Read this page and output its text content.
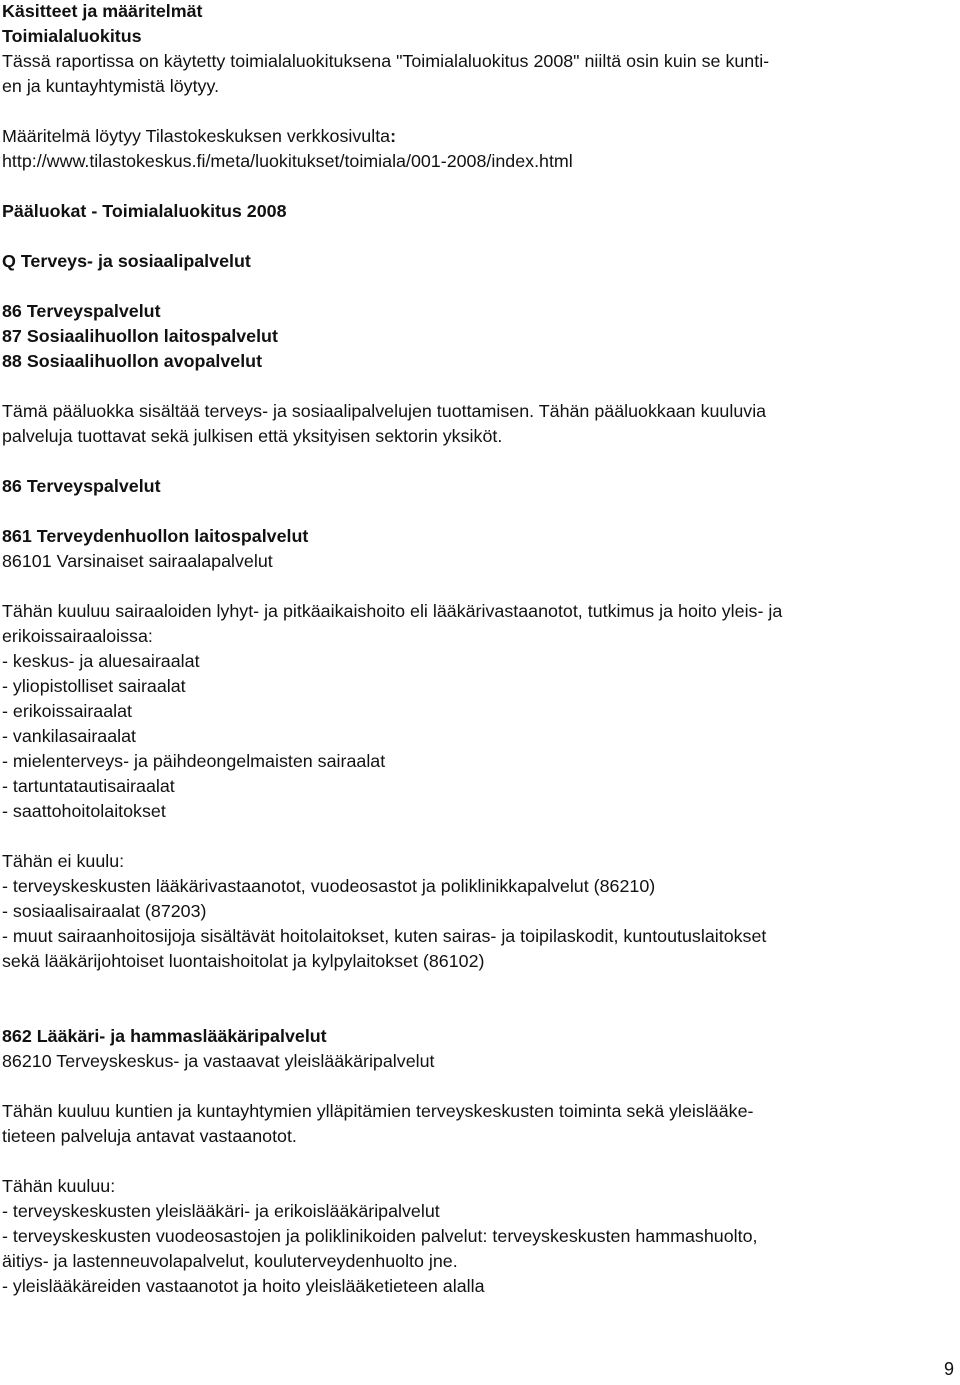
Käsitteet ja määritelmät
Toimialaluokitus
Tässä raportissa on käytetty toimialaluokituksena "Toimialaluokitus 2008" niiltä osin kuin se kunti-
en ja kuntayhtymistä löytyy.
Määritelmä löytyy Tilastokeskuksen verkkosivulta:
http://www.tilastokeskus.fi/meta/luokitukset/toimiala/001-2008/index.html
Pääluokat - Toimialaluokitus 2008
Q Terveys- ja sosiaalipalvelut
86 Terveyspalvelut
87 Sosiaalihuollon laitospalvelut
88 Sosiaalihuollon avopalvelut
Tämä pääluokka sisältää terveys- ja sosiaalipalvelujen tuottamisen. Tähän pääluokkaan kuuluvia
palveluja tuottavat sekä julkisen että yksityisen sektorin yksiköt.
86 Terveyspalvelut
861 Terveydenhuollon laitospalvelut
86101 Varsinaiset sairaalapalvelut
Tähän kuuluu sairaaloiden lyhyt- ja pitkäaikaishoito eli lääkärivastaanotot, tutkimus ja hoito yleis- ja
erikoissairaaloissa:
- keskus- ja aluesairaalat
- yliopistolliset sairaalat
- erikoissairaalat
- vankilasairaalat
- mielenterveys- ja päihdeongelmaisten sairaalat
- tartuntatautisairaalat
- saattohoitolaitokset
Tähän ei kuulu:
- terveyskeskusten lääkärivastaanotot, vuodeosastot ja poliklinikkapalvelut (86210)
- sosiaalisairaalat (87203)
- muut sairaanhoitosijoja sisältävät hoitolaitokset, kuten sairas- ja toipilaskodit, kuntoutuslaitokset
sekä lääkärijohtoiset luontaishoitolat ja kylpylaitokset (86102)
862 Lääkäri- ja hammaslääkäripalvelut
86210 Terveyskeskus- ja vastaavat yleislääkäripalvelut
Tähän kuuluu kuntien ja kuntayhtymien ylläpitämien terveyskeskusten toiminta sekä yleislääke-
tieteen palveluja antavat vastaanotot.
Tähän kuuluu:
- terveyskeskusten yleislääkäri- ja erikoislääkäripalvelut
- terveyskeskusten vuodeosastojen ja poliklinikoiden palvelut: terveyskeskusten hammashuolto,
äitiys- ja lastenneuvolapalvelut, kouluterveydenhuolto jne.
- yleislääkäreiden vastaanotot ja hoito yleislääketieteen alalla
9
